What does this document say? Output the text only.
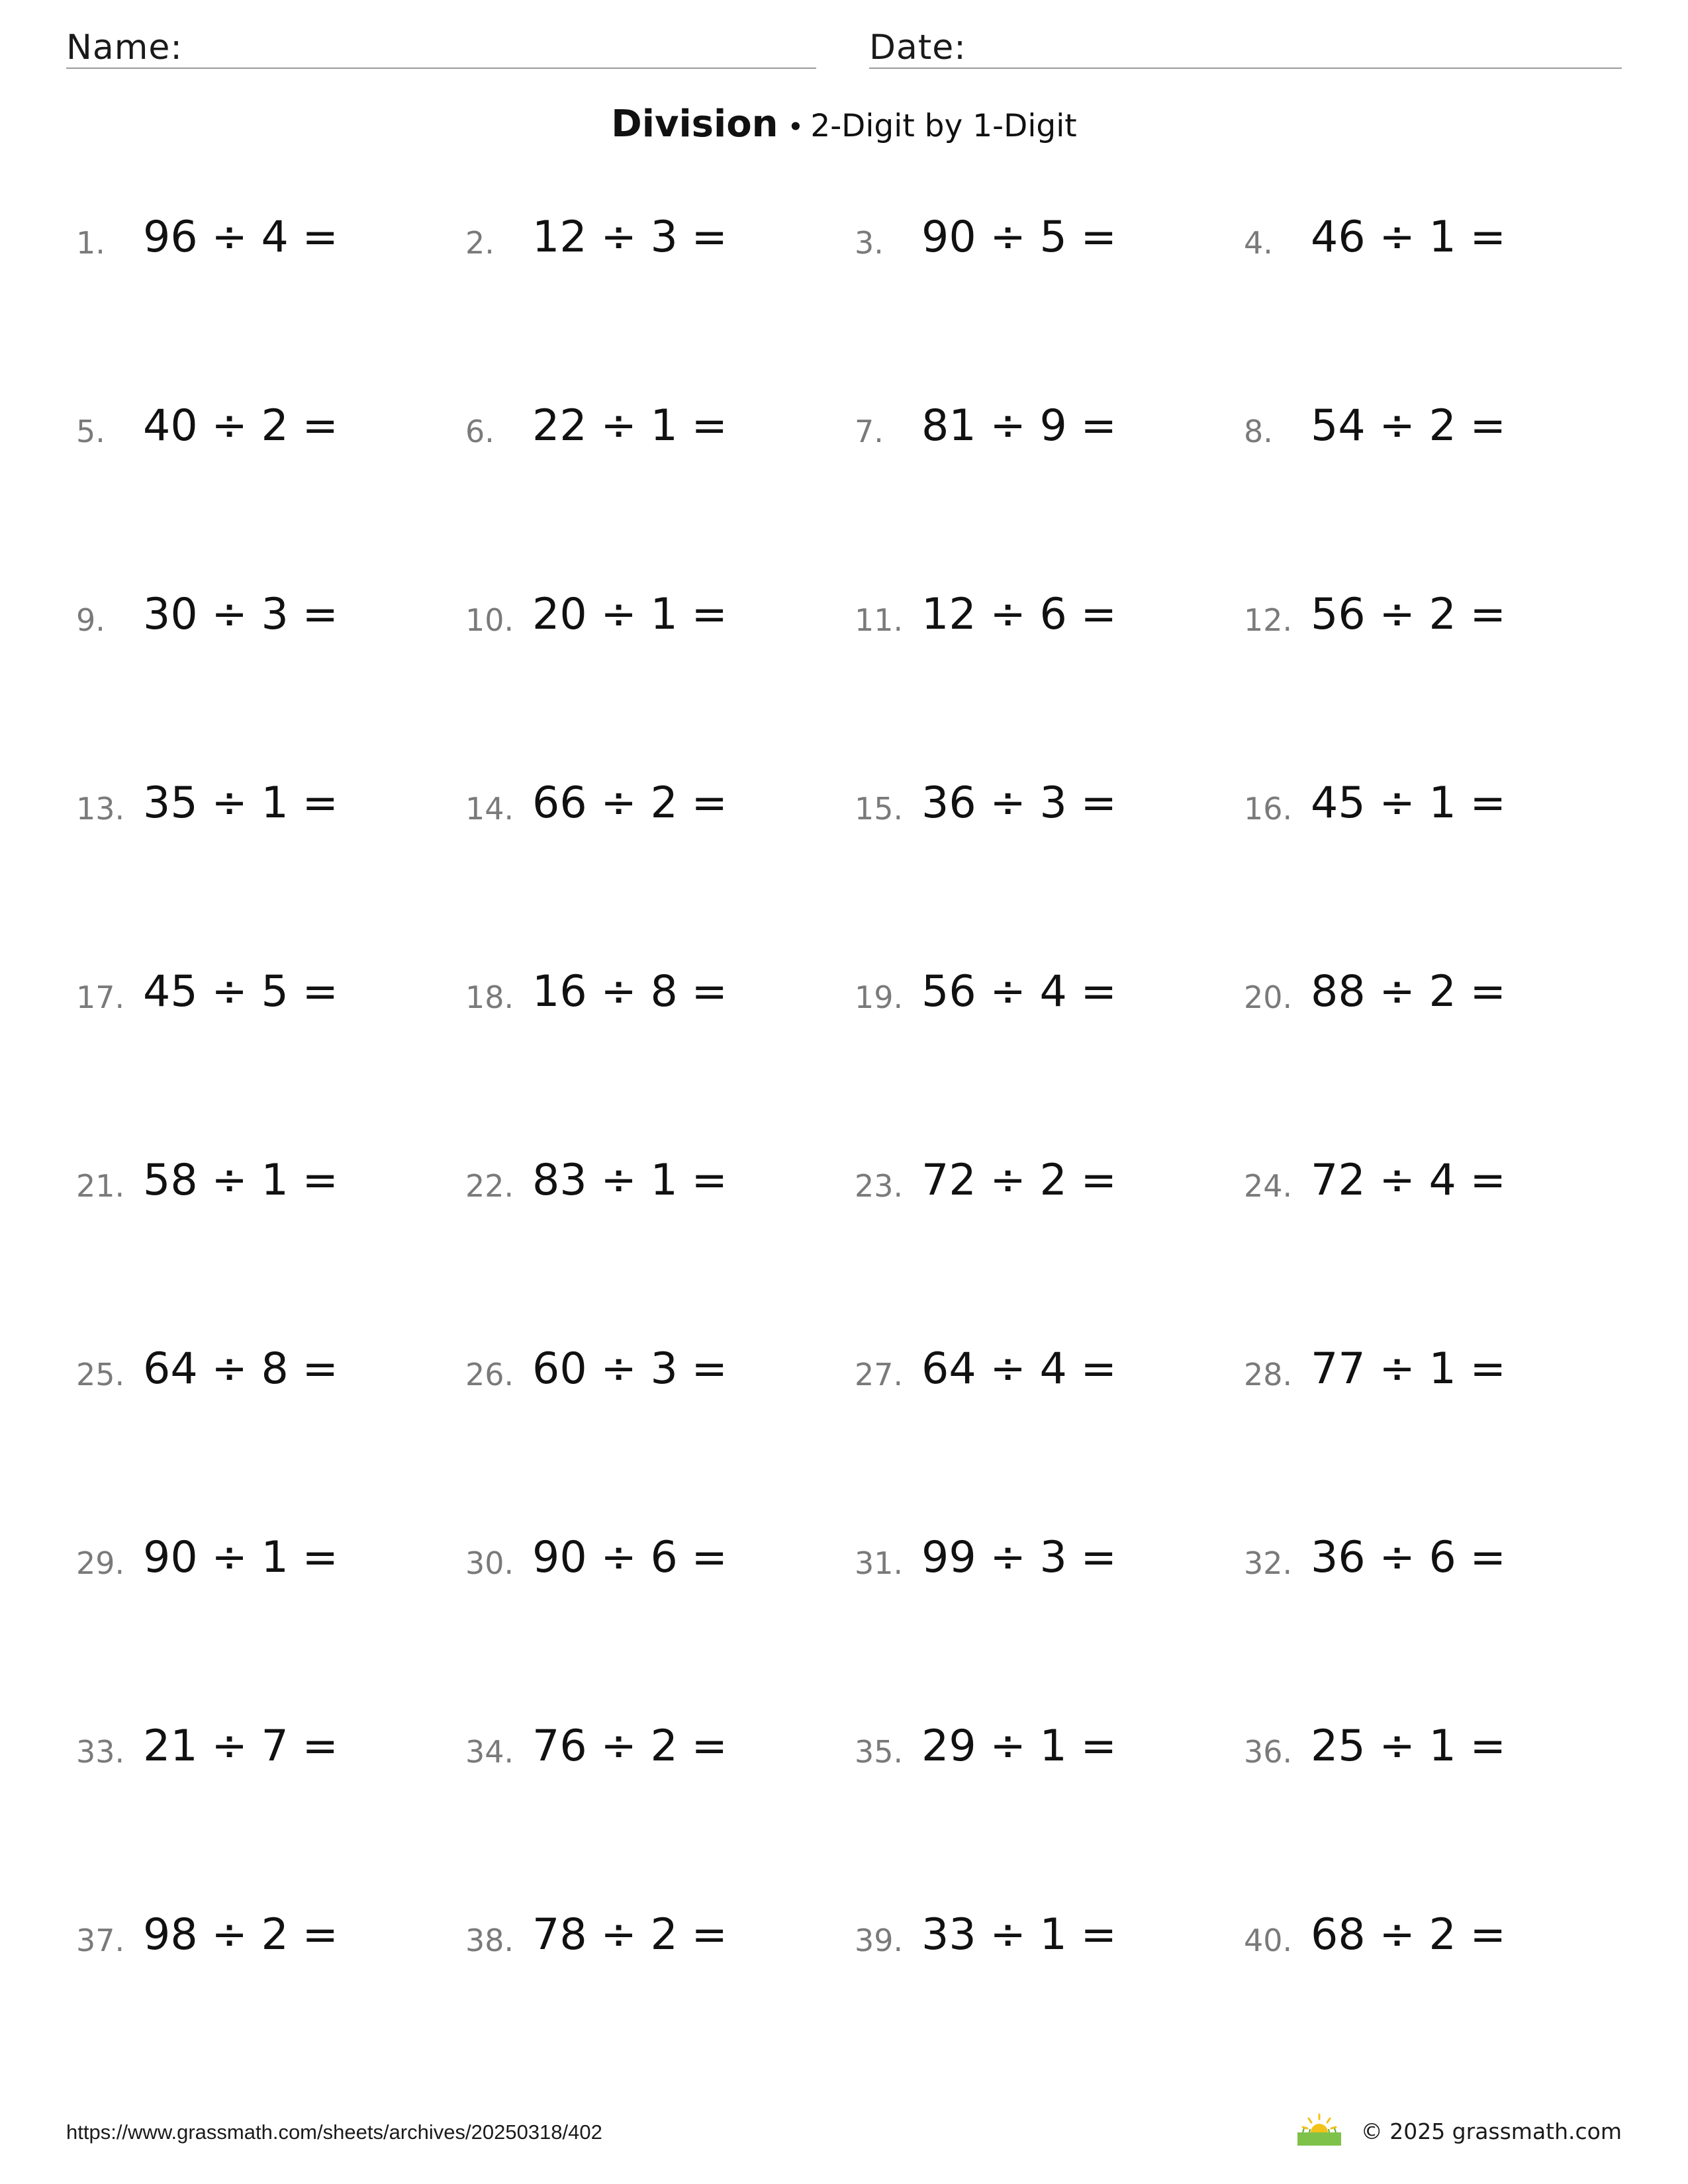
Name:	Date:
Division • 2-Digit by 1-Digit
1. 96 ÷ 4 =	2. 12 ÷ 3 =	3. 90 ÷ 5 =	4. 46 ÷ 1 =
5. 40 ÷ 2 =	6. 22 ÷ 1 =	7. 81 ÷ 9 =	8. 54 ÷ 2 =
9. 30 ÷ 3 =	10. 20 ÷ 1 =	11. 12 ÷ 6 =	12. 56 ÷ 2 =
13. 35 ÷ 1 =	14. 66 ÷ 2 =	15. 36 ÷ 3 =	16. 45 ÷ 1 =
17. 45 ÷ 5 =	18. 16 ÷ 8 =	19. 56 ÷ 4 =	20. 88 ÷ 2 =
21. 58 ÷ 1 =	22. 83 ÷ 1 =	23. 72 ÷ 2 =	24. 72 ÷ 4 =
25. 64 ÷ 8 =	26. 60 ÷ 3 =	27. 64 ÷ 4 =	28. 77 ÷ 1 =
29. 90 ÷ 1 =	30. 90 ÷ 6 =	31. 99 ÷ 3 =	32. 36 ÷ 6 =
33. 21 ÷ 7 =	34. 76 ÷ 2 =	35. 29 ÷ 1 =	36. 25 ÷ 1 =
37. 98 ÷ 2 =	38. 78 ÷ 2 =	39. 33 ÷ 1 =	40. 68 ÷ 2 =
https://www.grassmath.com/sheets/archives/20250318/402	© 2025 grassmath.com
